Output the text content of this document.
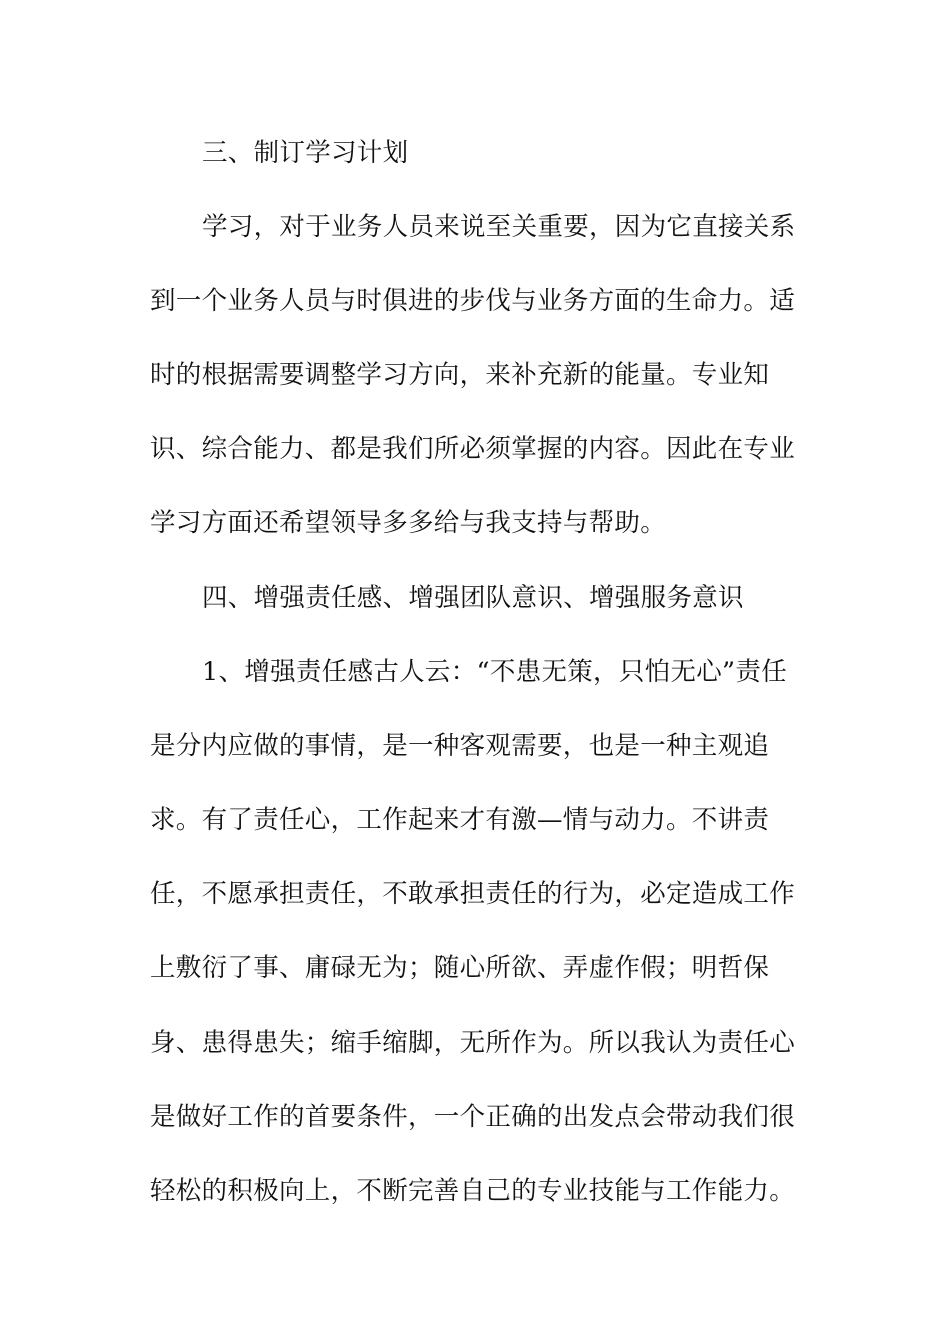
三、制订学习计划
学习，对于业务人员来说至关重要，因为它直接关系
到一个业务人员与时俱进的步伐与业务方面的生命力。适
时的根据需要调整学习方向，来补充新的能量。专业知
识、综合能力、都是我们所必须掌握的内容。因此在专业
学习方面还希望领导多多给与我支持与帮助。
四、增强责任感、增强团队意识、增强服务意识
1、增强责任感古人云：“不患无策，只怕无心”责任
是分内应做的事情，是一种客观需要，也是一种主观追
求。有了责任心，工作起来才有激—情与动力。不讲责
任，不愿承担责任，不敢承担责任的行为，必定造成工作
上敷衍了事、庸碌无为；随心所欲、弄虚作假；明哲保
身、患得患失；缩手缩脚，无所作为。所以我认为责任心
是做好工作的首要条件，一个正确的出发点会带动我们很
轻松的积极向上，不断完善自己的专业技能与工作能力。
